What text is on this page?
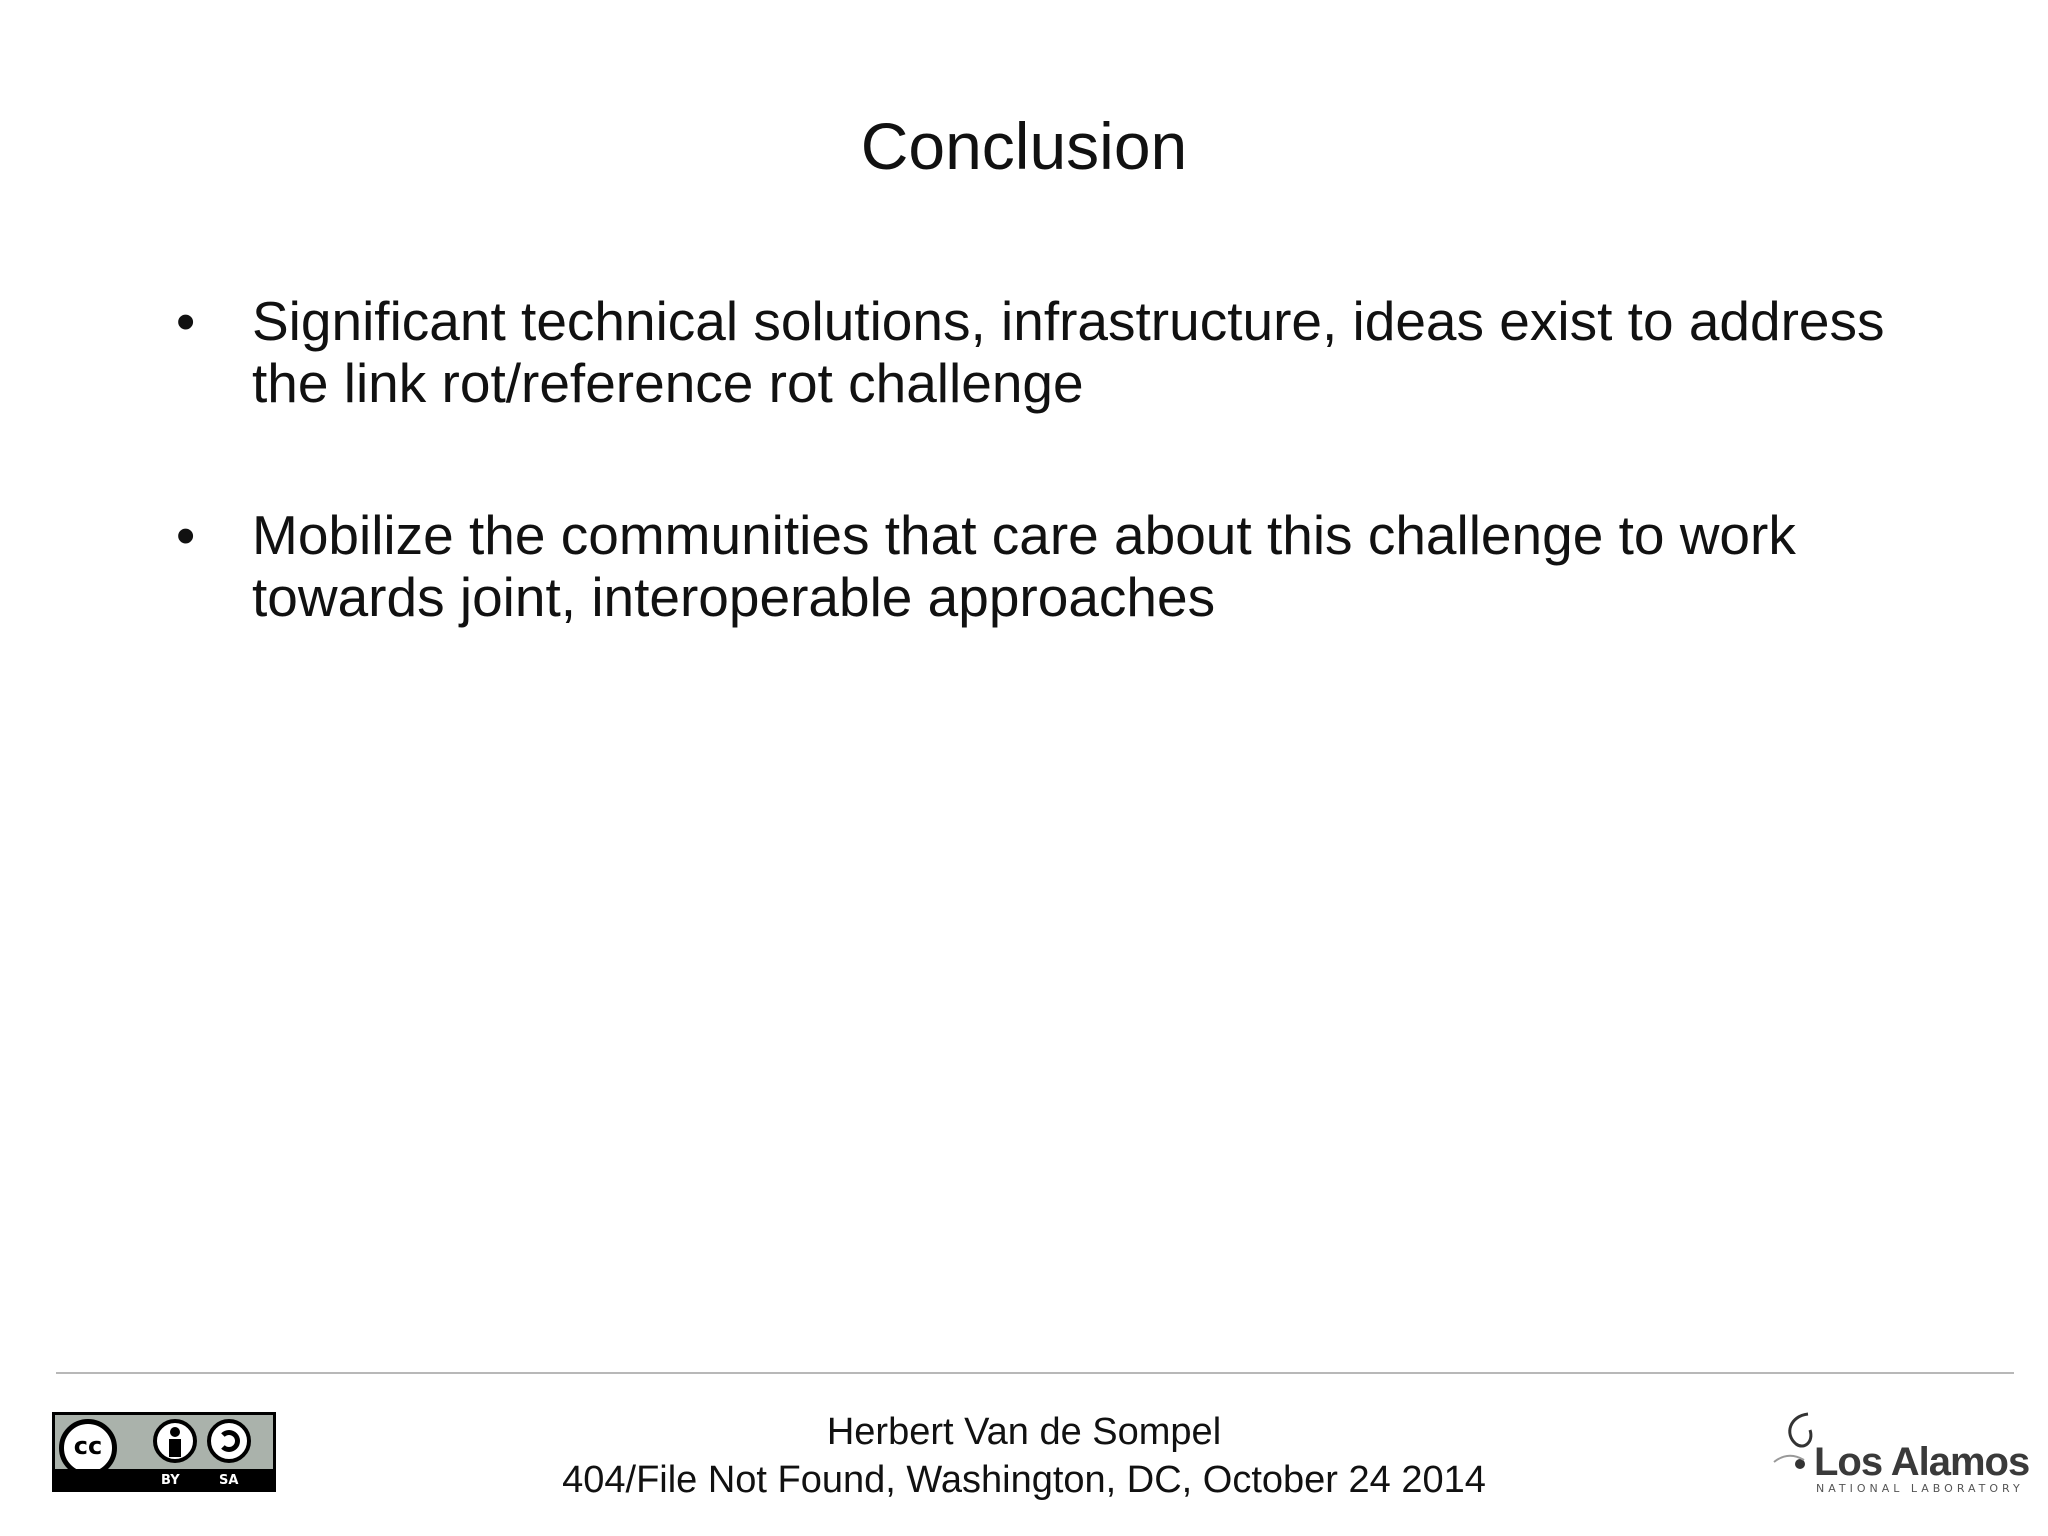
Conclusion
• Significant technical solutions, infrastructure, ideas exist to address the link rot/reference rot challenge
• Mobilize the communities that care about this challenge to work towards joint, interoperable approaches
cc
BY	SA
Herbert Van de Sompel
404/File Not Found, Washington, DC, October 24 2014	Los Alamos
NATIONAL LABORATORY
